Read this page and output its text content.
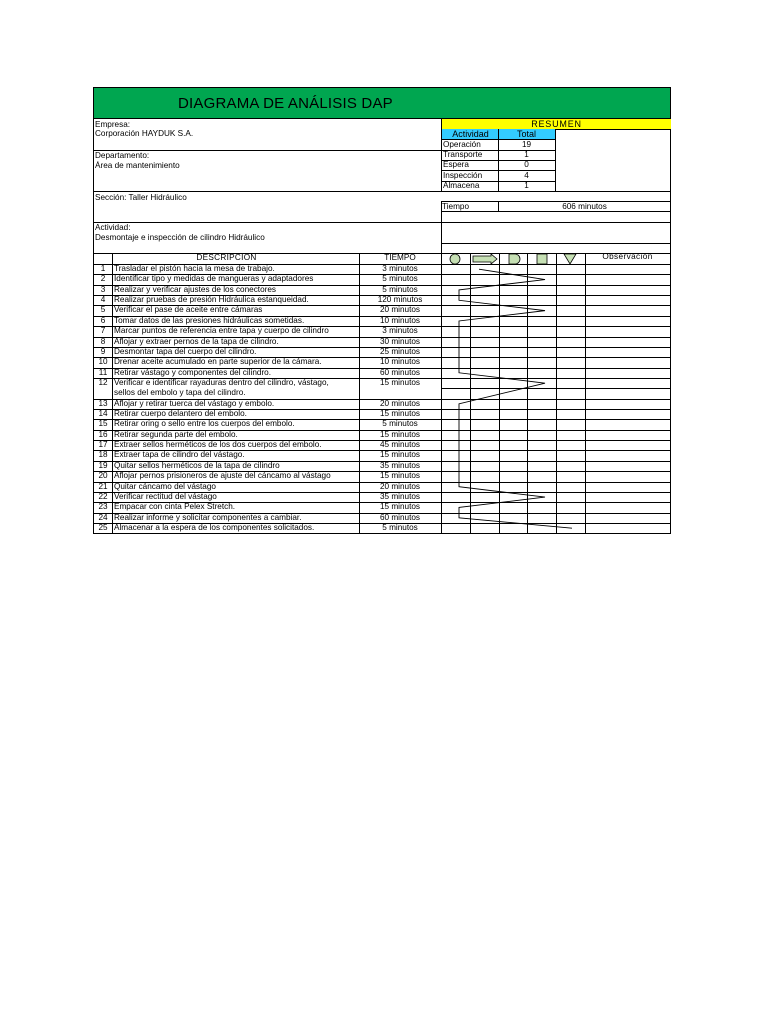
DIAGRAMA DE ANÁLISIS DAP
Empresa:
Corporación HAYDUK S.A.
Departamento:
Área de mantenimiento
Sección: Taller Hidráulico
Actividad:
Desmontaje e inspección de cilindro Hidráulico
RESUMEN
Actividad	Total
Operación	19
Transporte	1
Espera	0
Inspección	4
Almacena	1
Tiempo	606 minutos
DESCRIPCIÓN	TIEMPO	Observación
1	Trasladar el pistón hacia la mesa de trabajo.	3 minutos
2	Identificar tipo y medidas de mangueras y adaptadores	5 minutos
3	Realizar y verificar ajustes de los conectores	5 minutos
4	Realizar pruebas de presión Hidráulica estanqueidad.	120 minutos
5	Verificar el pase de aceite entre cámaras	20 minutos
6	Tomar datos de las presiones hidráulicas sometidas.	10 minutos
7	Marcar puntos de referencia entre tapa y cuerpo de cilindro	3 minutos
8	Aflojar y extraer pernos de la tapa de cilindro.	30 minutos
9	Desmontar tapa del cuerpo del cilindro.	25 minutos
10 Drenar aceite acumulado en parte superior de la cámara.	10 minutos
11 Retirar vástago y componentes del cilindro.	60 minutos
12 Verificar e identificar rayaduras dentro del cilindro, vástago,	15 minutos
sellos del embolo y tapa del cilindro.
13 Aflojar y retirar tuerca del vástago y embolo.	20 minutos
14 Retirar cuerpo delantero del embolo.	15 minutos
15 Retirar oring o sello entre los cuerpos del embolo.	5 minutos
16 Retirar segunda parte del embolo.	15 minutos
17 Extraer sellos herméticos de los dos cuerpos del embolo.	45 minutos
18 Extraer tapa de cilindro del vástago.	15 minutos
19 Quitar sellos herméticos de la tapa de cilindro	35 minutos
20 Aflojar pernos prisioneros de ajuste del cáncamo al vástago	15 minutos
21 Quitar cáncamo del vástago	20 minutos
22 Verificar rectitud del vástago	35 minutos
23 Empacar con cinta Pelex Stretch.	15 minutos
24 Realizar informe y solicitar componentes a cambiar.	60 minutos
25 Almacenar a la espera de los componentes solicitados.	5 minutos
